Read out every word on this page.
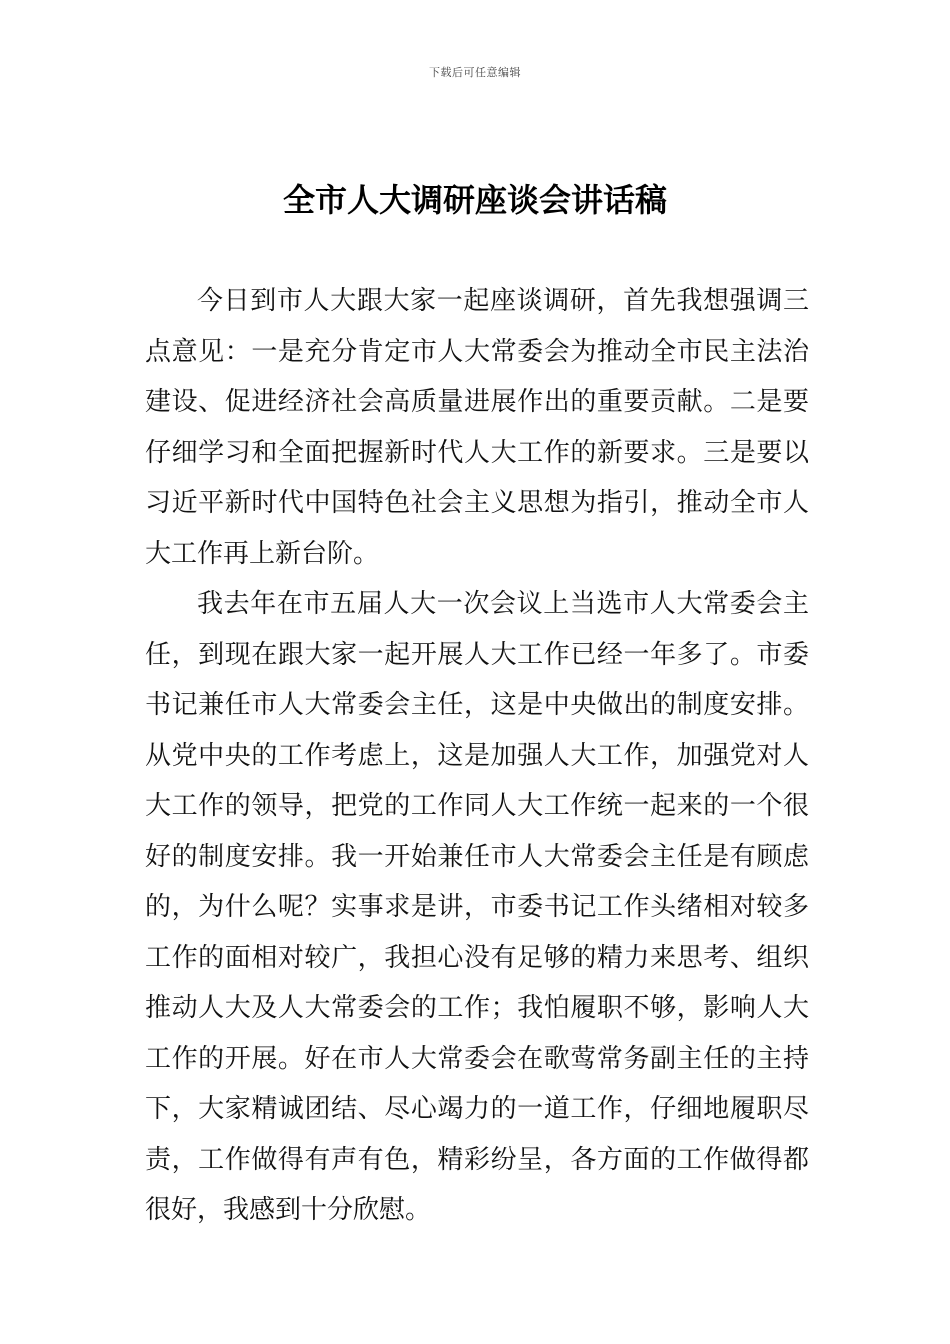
下载后可任意编辑
全市人大调研座谈会讲话稿

今日到市人大跟大家一起座谈调研，首先我想强调三点意见：一是充分肯定市人大常委会为推动全市民主法治建设、促进经济社会高质量进展作出的重要贡献。二是要仔细学习和全面把握新时代人大工作的新要求。三是要以习近平新时代中国特色社会主义思想为指引，推动全市人大工作再上新台阶。

我去年在市五届人大一次会议上当选市人大常委会主任，到现在跟大家一起开展人大工作已经一年多了。市委书记兼任市人大常委会主任，这是中央做出的制度安排。从党中央的工作考虑上，这是加强人大工作，加强党对人大工作的领导，把党的工作同人大工作统一起来的一个很好的制度安排。我一开始兼任市人大常委会主任是有顾虑的，为什么呢？实事求是讲，市委书记工作头绪相对较多工作的面相对较广，我担心没有足够的精力来思考、组织推动人大及人大常委会的工作；我怕履职不够，影响人大工作的开展。好在市人大常委会在歌莺常务副主任的主持下，大家精诚团结、尽心竭力的一道工作，仔细地履职尽责，工作做得有声有色，精彩纷呈，各方面的工作做得都很好，我感到十分欣慰。
